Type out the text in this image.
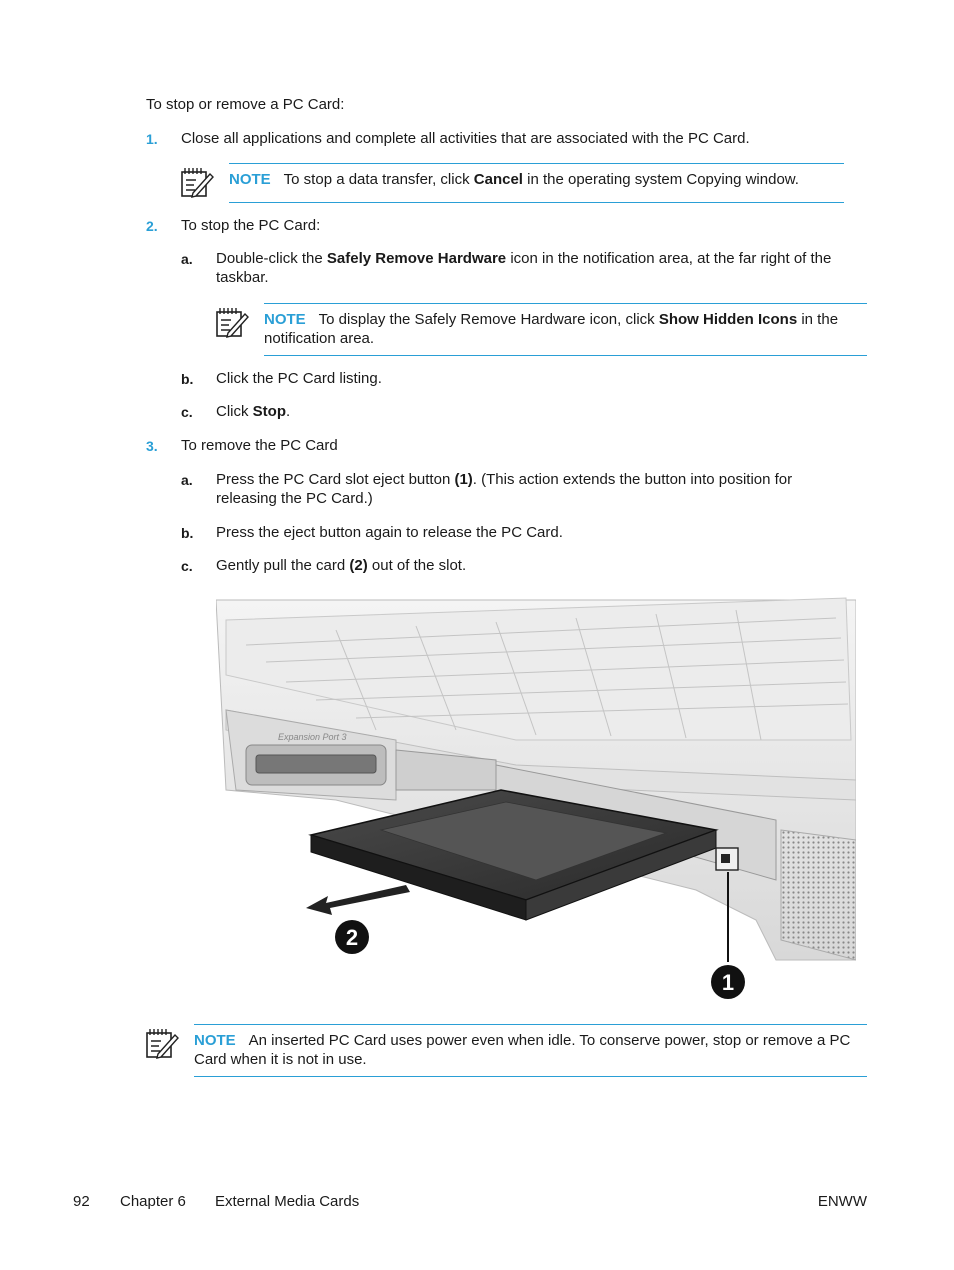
To stop or remove a PC Card:
1. Close all applications and complete all activities that are associated with the PC Card.
NOTE To stop a data transfer, click Cancel in the operating system Copying window.
2. To stop the PC Card:
a. Double-click the Safely Remove Hardware icon in the notification area, at the far right of the taskbar.
NOTE To display the Safely Remove Hardware icon, click Show Hidden Icons in the notification area.
b. Click the PC Card listing.
c. Click Stop.
3. To remove the PC Card
a. Press the PC Card slot eject button (1). (This action extends the button into position for releasing the PC Card.)
b. Press the eject button again to release the PC Card.
c. Gently pull the card (2) out of the slot.
Expansion Port 3
1
2
NOTE An inserted PC Card uses power even when idle. To conserve power, stop or remove a PC Card when it is not in use.
92 Chapter 6 External Media Cards	ENWW
